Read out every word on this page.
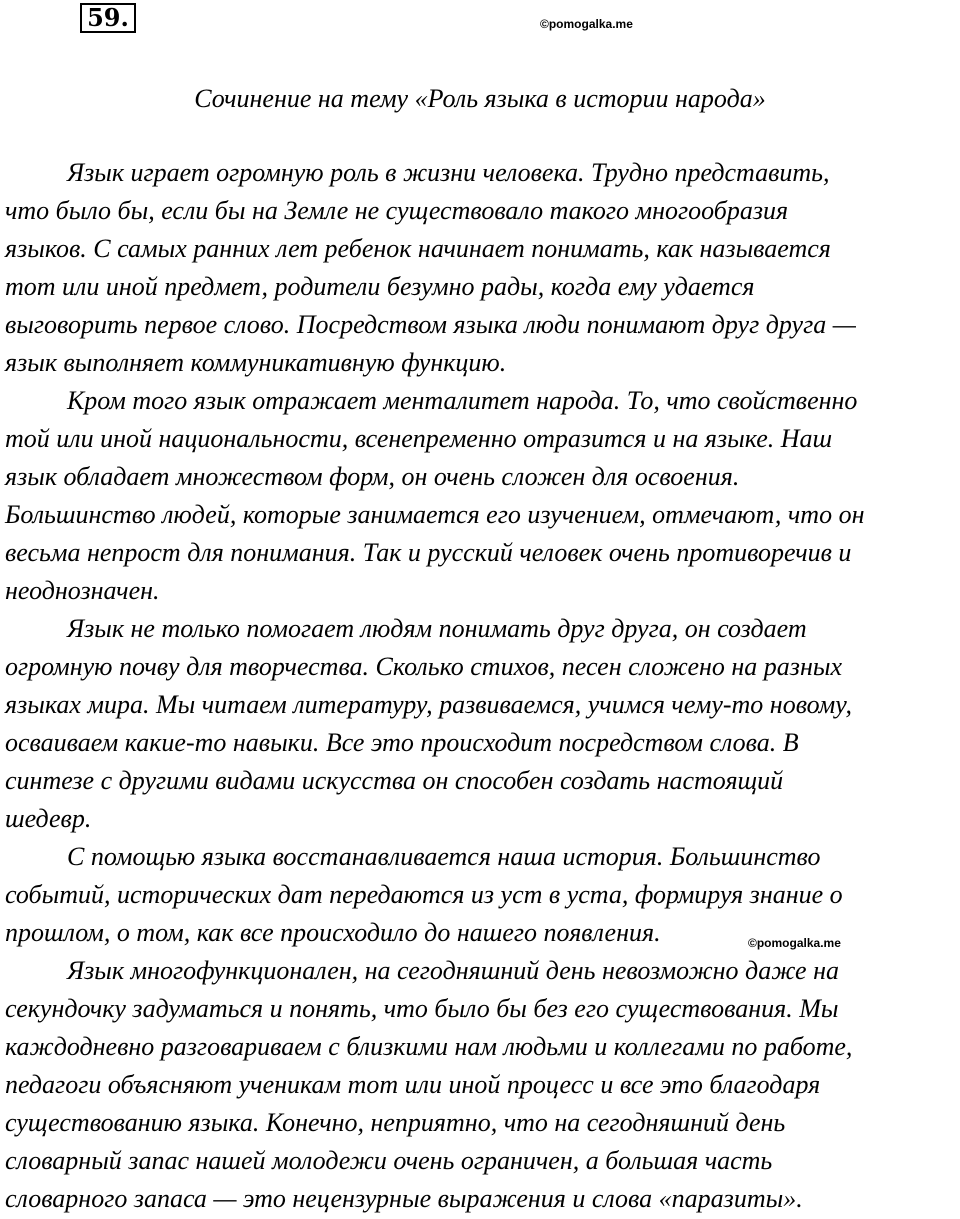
59.	©pomogalka.me
Сочинение на тему «Роль языка в истории народа»
Язык играет огромную роль в жизни человека. Трудно представить,
что было бы, если бы на Земле не существовало такого многообразия
языков. С самых ранних лет ребенок начинает понимать, как называется
тот или иной предмет, родители безумно рады, когда ему удается
выговорить первое слово. Посредством языка люди понимают друг друга —
язык выполняет коммуникативную функцию.
Кром того язык отражает менталитет народа. То, что свойственно
той или иной национальности, всенепременно отразится и на языке. Наш
язык обладает множеством форм, он очень сложен для освоения.
Большинство людей, которые занимается его изучением, отмечают, что он
весьма непрост для понимания. Так и русский человек очень противоречив и
неоднозначен.
Язык не только помогает людям понимать друг друга, он создает
огромную почву для творчества. Сколько стихов, песен сложено на разных
языках мира. Мы читаем литературу, развиваемся, учимся чему-то новому,
осваиваем какие-то навыки. Все это происходит посредством слова. В
синтезе с другими видами искусства он способен создать настоящий
шедевр.
С помощью языка восстанавливается наша история. Большинство
событий, исторических дат передаются из уст в уста, формируя знание о
прошлом, о том, как все происходило до нашего появления.
Язык многофункционален, на сегодняшний день невозможно даже на
секундочку задуматься и понять, что было бы без его существования. Мы
каждодневно разговариваем с близкими нам людьми и коллегами по работе,
педагоги объясняют ученикам тот или иной процесс и все это благодаря
существованию языка. Конечно, неприятно, что на сегодняшний день
словарный запас нашей молодежи очень ограничен, а большая часть
словарного запаса — это нецензурные выражения и слова «паразиты».
©pomogalka.me
